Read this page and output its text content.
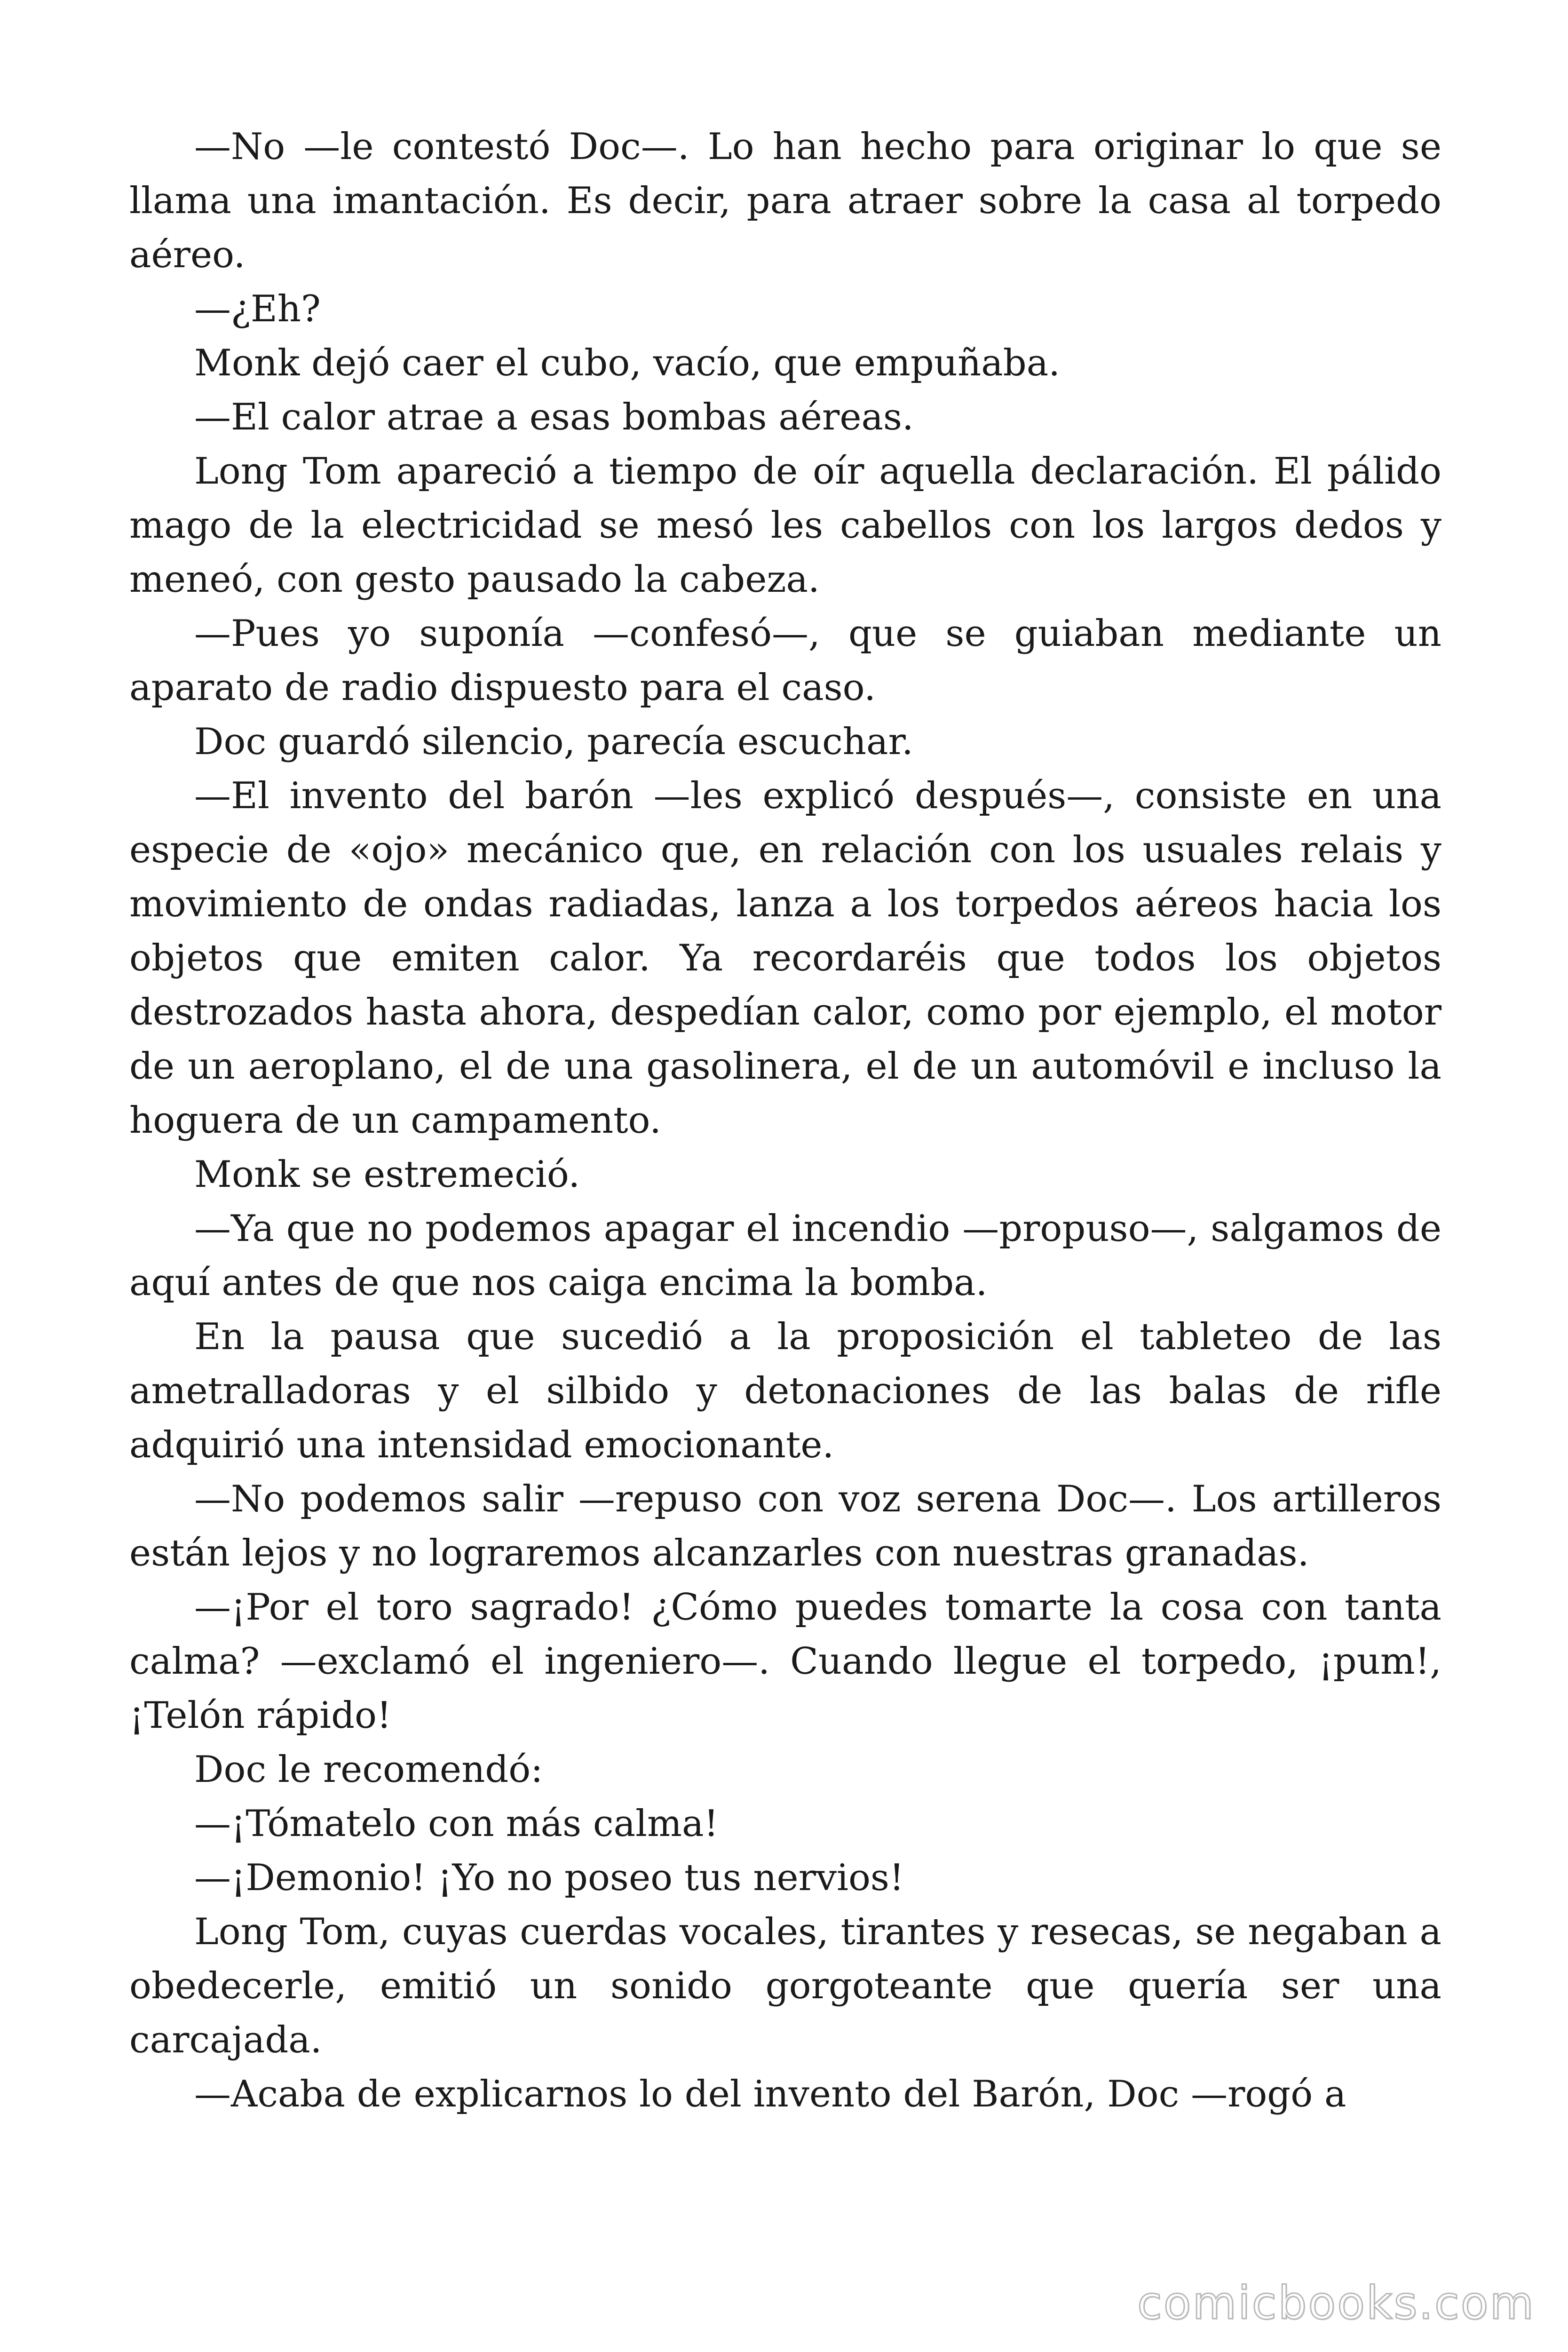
—No —le contestó Doc—. Lo han hecho para originar lo que se llama una imantación. Es decir, para atraer sobre la casa al torpedo aéreo.

—¿Eh?

Monk dejó caer el cubo, vacío, que empuñaba.

—El calor atrae a esas bombas aéreas.

Long Tom apareció a tiempo de oír aquella declaración. El pálido mago de la electricidad se mesó les cabellos con los largos dedos y meneó, con gesto pausado la cabeza.

—Pues yo suponía —confesó—, que se guiaban mediante un aparato de radio dispuesto para el caso.

Doc guardó silencio, parecía escuchar.

—El invento del barón —les explicó después—, consiste en una especie de «ojo» mecánico que, en relación con los usuales relais y movimiento de ondas radiadas, lanza a los torpedos aéreos hacia los objetos que emiten calor. Ya recordaréis que todos los objetos destrozados hasta ahora, despedían calor, como por ejemplo, el motor de un aeroplano, el de una gasolinera, el de un automóvil e incluso la hoguera de un campamento.

Monk se estremeció.

—Ya que no podemos apagar el incendio —propuso—, salgamos de aquí antes de que nos caiga encima la bomba.

En la pausa que sucedió a la proposición el tableteo de las ametralladoras y el silbido y detonaciones de las balas de rifle adquirió una intensidad emocionante.

—No podemos salir —repuso con voz serena Doc—. Los artilleros están lejos y no lograremos alcanzarles con nuestras granadas.

—¡Por el toro sagrado! ¿Cómo puedes tomarte la cosa con tanta calma? —exclamó el ingeniero—. Cuando llegue el torpedo, ¡pum!, ¡Telón rápido!

Doc le recomendó:

—¡Tómatelo con más calma!

—¡Demonio! ¡Yo no poseo tus nervios!

Long Tom, cuyas cuerdas vocales, tirantes y resecas, se negaban a obedecerle, emitió un sonido gorgoteante que quería ser una carcajada.

—Acaba de explicarnos lo del invento del Barón, Doc —rogó a

comicbooks.com
